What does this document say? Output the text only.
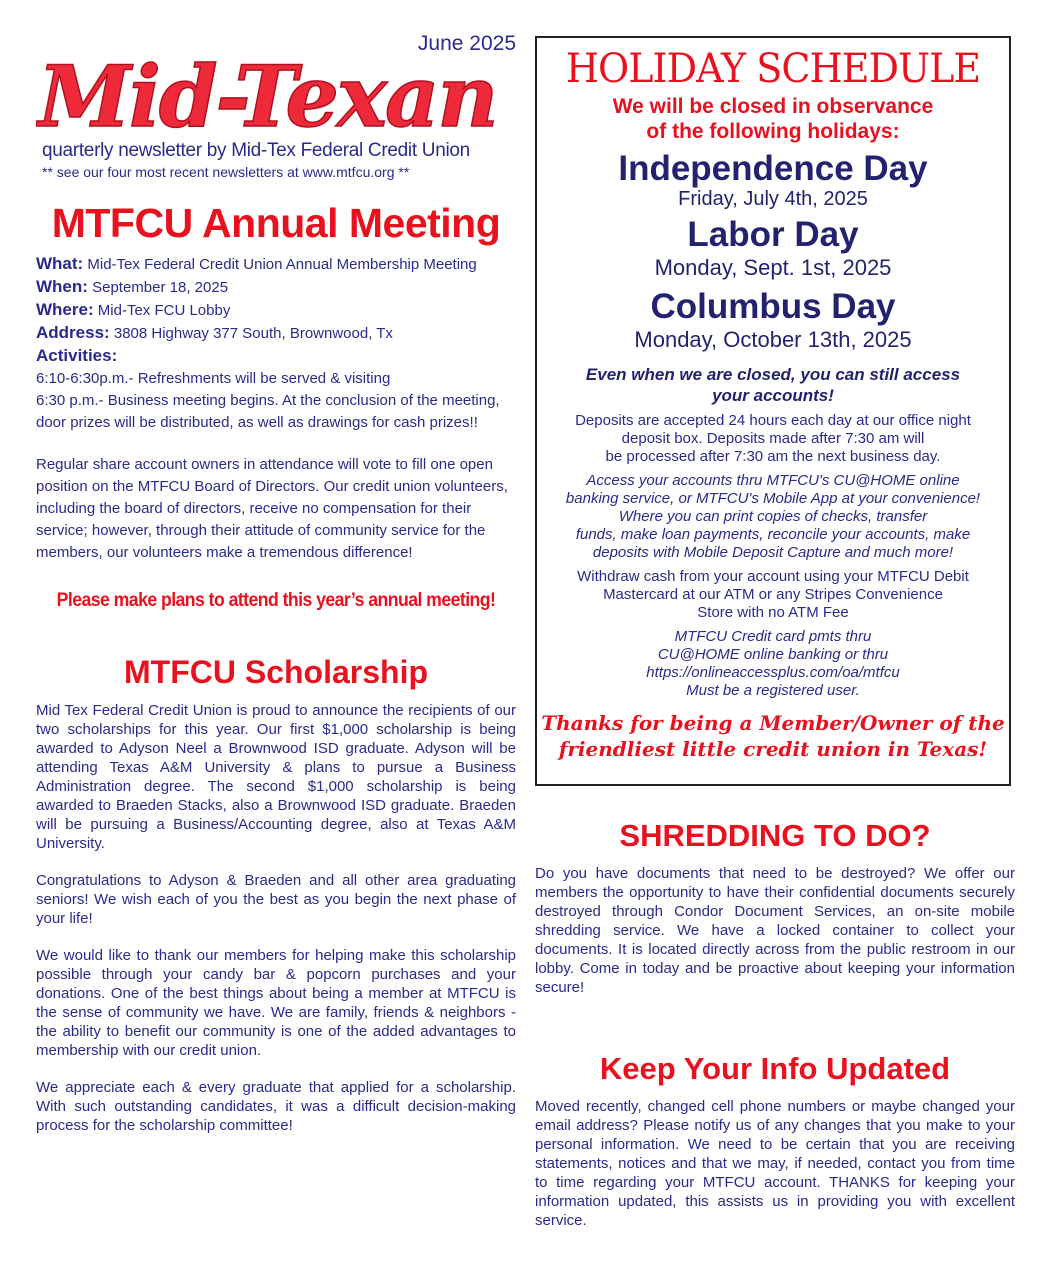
Mid-Texan
June 2025
quarterly newsletter by Mid-Tex Federal Credit Union
** see our four most recent newsletters at www.mtfcu.org **
MTFCU Annual Meeting

What: Mid-Tex Federal Credit Union Annual Membership Meeting

When: September 18, 2025

Where: Mid-Tex FCU Lobby

Address: 3808 Highway 377 South, Brownwood, Tx

Activities:

6:10-6:30p.m.- Refreshments will be served & visiting

6:30 p.m.- Business meeting begins. At the conclusion of the meeting, door prizes will be distributed, as well as drawings for cash prizes!!

Regular share account owners in attendance will vote to fill one open position on the MTFCU Board of Directors. Our credit union volunteers, including the board of directors, receive no compensation for their service; however, through their attitude of community service for the members, our volunteers make a tremendous difference!

Please make plans to attend this year’s annual meeting!
MTFCU Scholarship

Mid Tex Federal Credit Union is proud to announce the recipients of our two scholarships for this year. Our first $1,000 scholarship is being awarded to Adyson Neel a Brownwood ISD graduate. Adyson will be attending Texas A&M University & plans to pursue a Business Administration degree. The second $1,000 scholarship is being awarded to Braeden Stacks, also a Brownwood ISD graduate. Braeden will be pursuing a Business/Accounting degree, also at Texas A&M University.

Congratulations to Adyson & Braeden and all other area graduating seniors! We wish each of you the best as you begin the next phase of your life!

We would like to thank our members for helping make this scholarship possible through your candy bar & popcorn purchases and your donations. One of the best things about being a member at MTFCU is the sense of community we have. We are family, friends & neighbors - the ability to benefit our community is one of the added advantages to membership with our credit union.

We appreciate each & every graduate that applied for a scholarship. With such outstanding candidates, it was a difficult decision-making process for the scholarship committee!

HOLIDAY SCHEDULE
We will be closed in observance
of the following holidays:
Independence Day
Friday, July 4th, 2025
Labor Day
Monday, Sept. 1st, 2025
Columbus Day
Monday, October 13th, 2025
Even when we are closed, you can still access
your accounts!
Deposits are accepted 24 hours each day at our office night
deposit box. Deposits made after 7:30 am will
be processed after 7:30 am the next business day.
Access your accounts thru MTFCU's CU@HOME online
banking service, or MTFCU's Mobile App at your convenience!
Where you can print copies of checks, transfer
funds, make loan payments, reconcile your accounts, make
deposits with Mobile Deposit Capture and much more!
Withdraw cash from your account using your MTFCU Debit
Mastercard at our ATM or any Stripes Convenience
Store with no ATM Fee
MTFCU Credit card pmts thru
CU@HOME online banking or thru
https://onlineaccessplus.com/oa/mtfcu
Must be a registered user.
Thanks for being a Member/Owner of the
friendliest little credit union in Texas!
SHREDDING TO DO?

Do you have documents that need to be destroyed? We offer our members the opportunity to have their confidential documents securely destroyed through Condor Document Services, an on-site mobile shredding service. We have a locked container to collect your documents. It is located directly across from the public restroom in our lobby. Come in today and be proactive about keeping your information secure!

Keep Your Info Updated

Moved recently, changed cell phone numbers or maybe changed your email address? Please notify us of any changes that you make to your personal information. We need to be certain that you are receiving statements, notices and that we may, if needed, contact you from time to time regarding your MTFCU account. THANKS for keeping your information updated, this assists us in providing you with excellent service.
